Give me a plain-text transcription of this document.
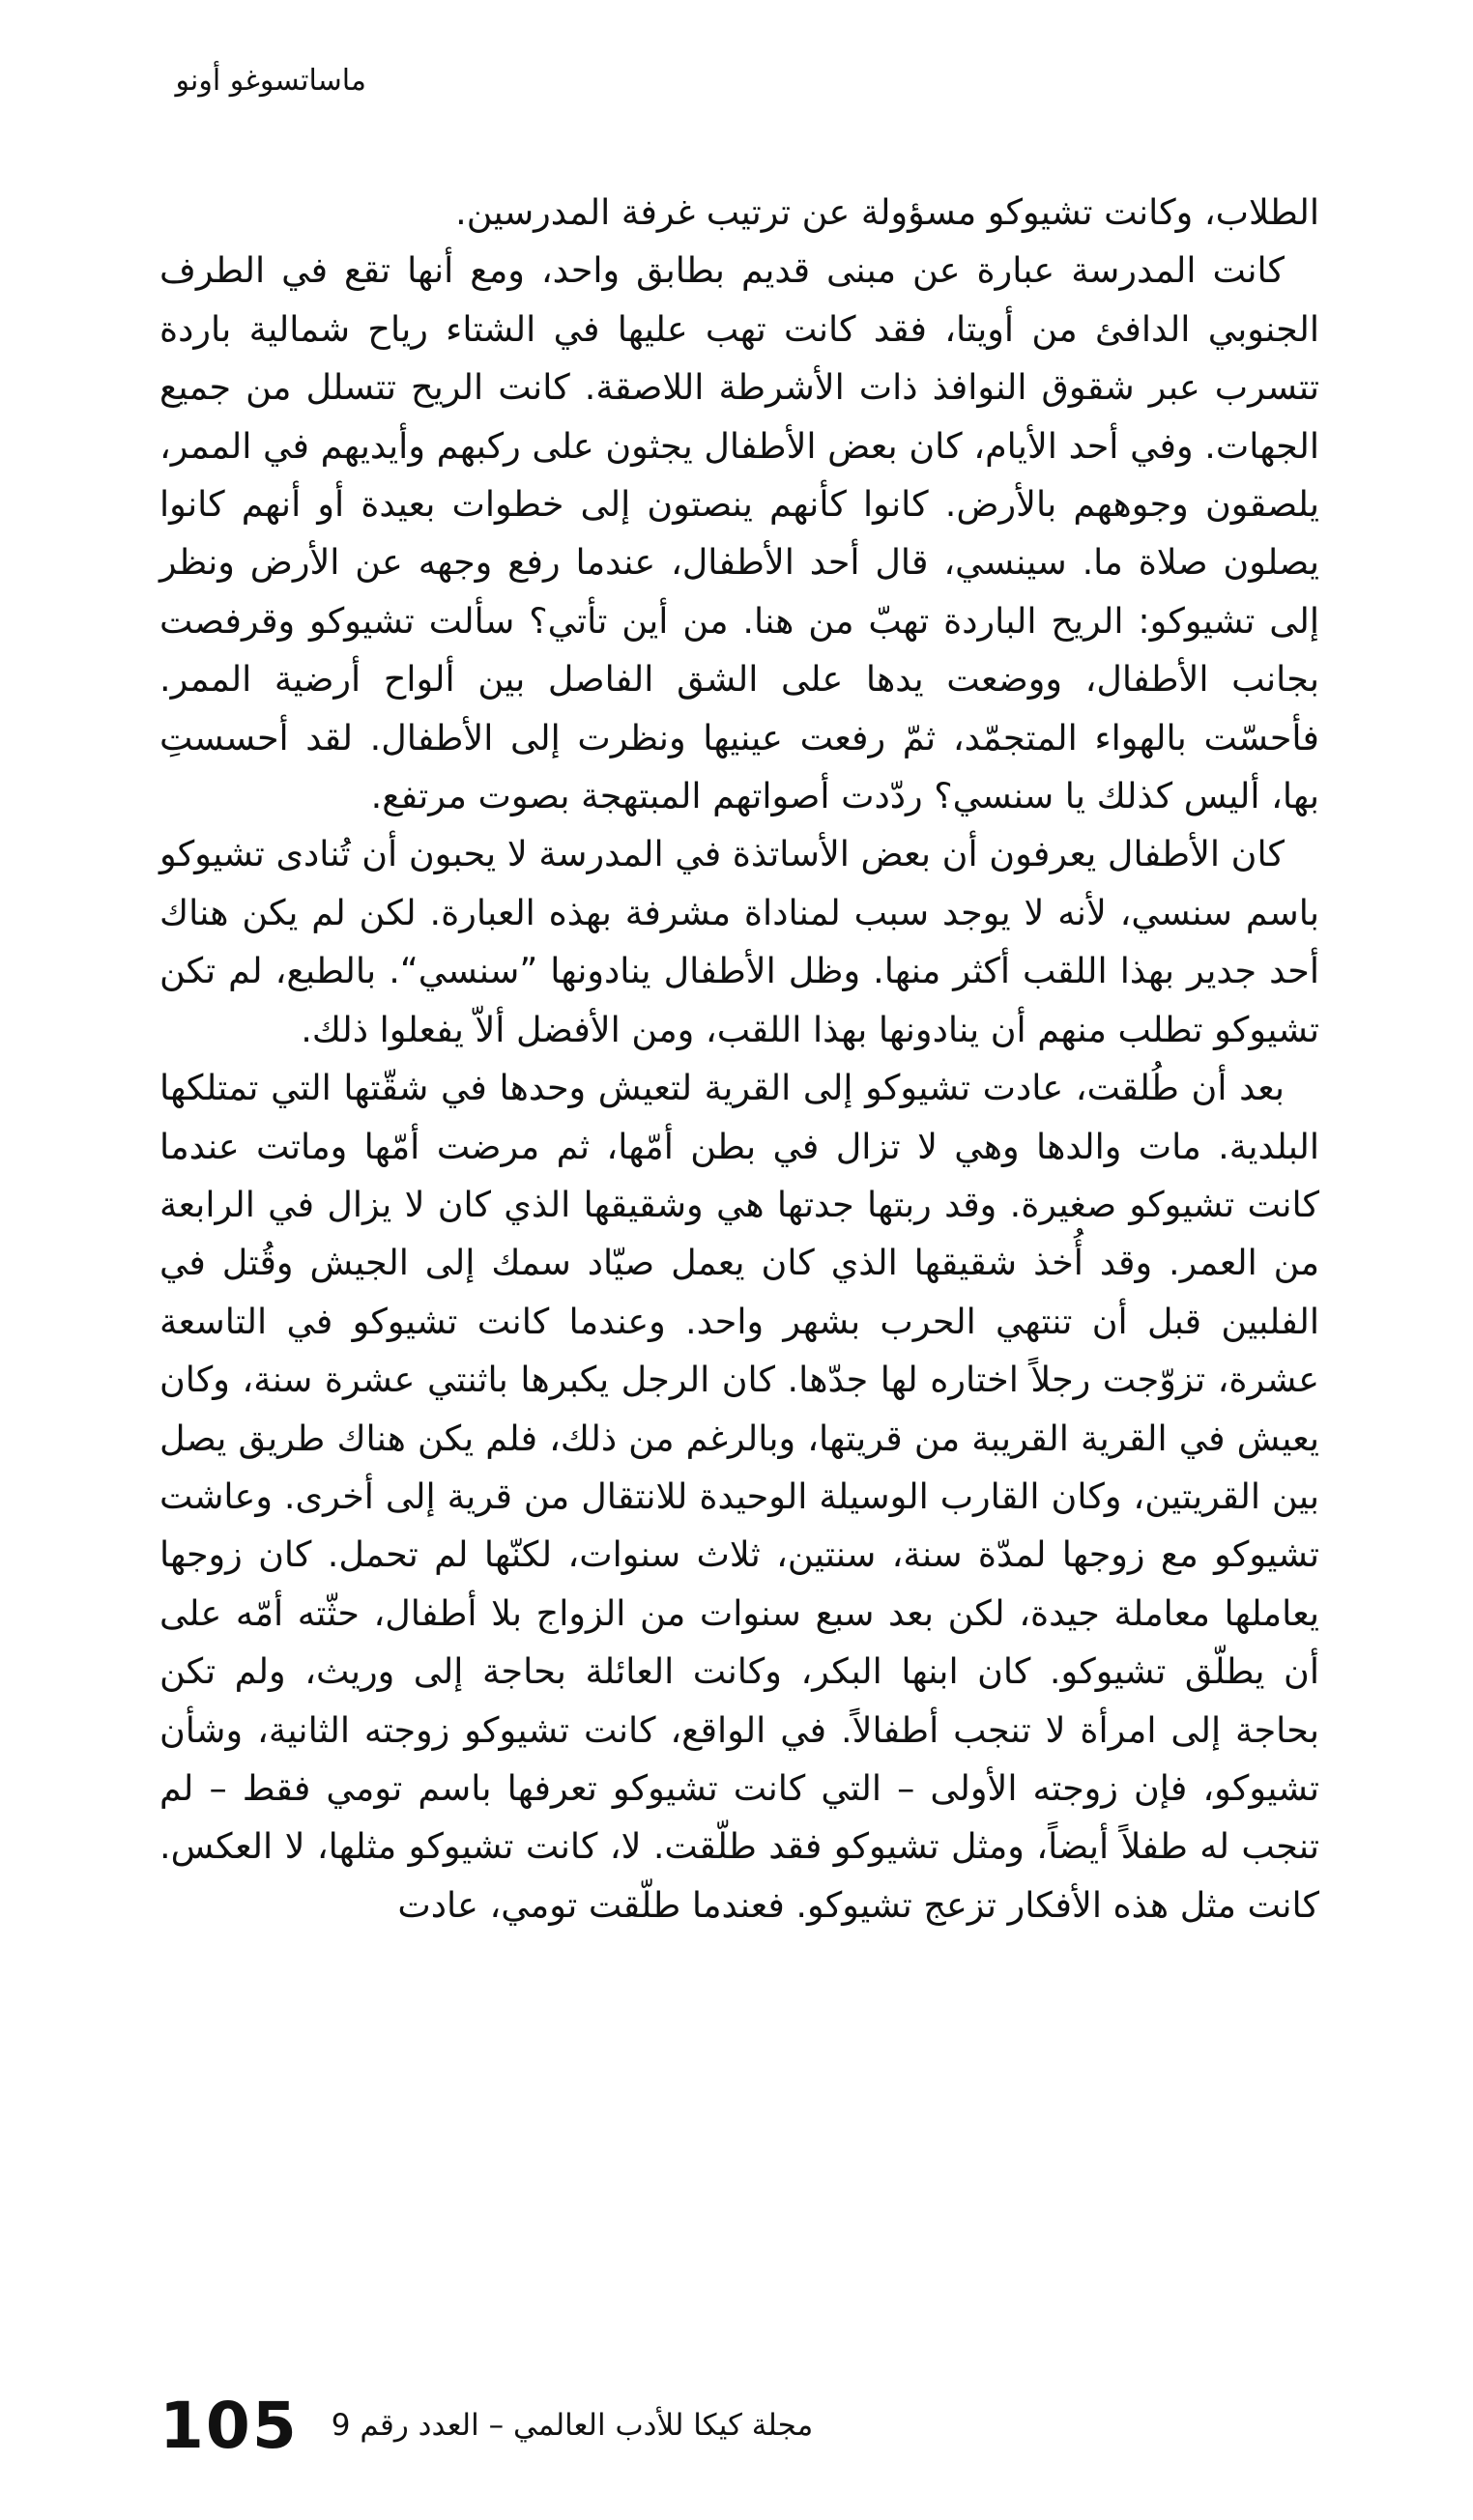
ماساتسوغو أونو

الطلاب، وكانت تشيوكو مسؤولة عن ترتيب غرفة المدرسين.

كانت المدرسة عبارة عن مبنى قديم بطابق واحد، ومع أنها تقع في الطرف الجنوبي الدافئ من أويتا، فقد كانت تهب عليها في الشتاء رياح شمالية باردة تتسرب عبر شقوق النوافذ ذات الأشرطة اللاصقة. كانت الريح تتسلل من جميع الجهات. وفي أحد الأيام، كان بعض الأطفال يجثون على ركبهم وأيديهم في الممر، يلصقون وجوههم بالأرض. كانوا كأنهم ينصتون إلى خطوات بعيدة أو أنهم كانوا يصلون صلاة ما. سينسي، قال أحد الأطفال، عندما رفع وجهه عن الأرض ونظر إلى تشيوكو: الريح الباردة تهبّ من هنا. من أين تأتي؟ سألت تشيوكو وقرفصت بجانب الأطفال، ووضعت يدها على الشق الفاصل بين ألواح أرضية الممر. فأحسّت بالهواء المتجمّد، ثمّ رفعت عينيها ونظرت إلى الأطفال. لقد أحسستِ بها، أليس كذلك يا سنسي؟ ردّدت أصواتهم المبتهجة بصوت مرتفع.

كان الأطفال يعرفون أن بعض الأساتذة في المدرسة لا يحبون أن تُنادى تشيوكو باسم سنسي، لأنه لا يوجد سبب لمناداة مشرفة بهذه العبارة. لكن لم يكن هناك أحد جدير بهذا اللقب أكثر منها. وظل الأطفال ينادونها ”سنسي“. بالطبع، لم تكن تشيوكو تطلب منهم أن ينادونها بهذا اللقب، ومن الأفضل ألاّ يفعلوا ذلك.

بعد أن طُلقت، عادت تشيوكو إلى القرية لتعيش وحدها في شقّتها التي تمتلكها البلدية. مات والدها وهي لا تزال في بطن أمّها، ثم مرضت أمّها وماتت عندما كانت تشيوكو صغيرة. وقد ربتها جدتها هي وشقيقها الذي كان لا يزال في الرابعة من العمر. وقد أُخذ شقيقها الذي كان يعمل صيّاد سمك إلى الجيش وقُتل في الفلبين قبل أن تنتهي الحرب بشهر واحد. وعندما كانت تشيوكو في التاسعة عشرة، تزوّجت رجلاً اختاره لها جدّها. كان الرجل يكبرها باثنتي عشرة سنة، وكان يعيش في القرية القريبة من قريتها، وبالرغم من ذلك، فلم يكن هناك طريق يصل بين القريتين، وكان القارب الوسيلة الوحيدة للانتقال من قرية إلى أخرى. وعاشت تشيوكو مع زوجها لمدّة سنة، سنتين، ثلاث سنوات، لكنّها لم تحمل. كان زوجها يعاملها معاملة جيدة، لكن بعد سبع سنوات من الزواج بلا أطفال، حثّته أمّه على أن يطلّق تشيوكو. كان ابنها البكر، وكانت العائلة بحاجة إلى وريث، ولم تكن بحاجة إلى امرأة لا تنجب أطفالاً. في الواقع، كانت تشيوكو زوجته الثانية، وشأن تشيوكو، فإن زوجته الأولى – التي كانت تشيوكو تعرفها باسم تومي فقط – لم تنجب له طفلاً أيضاً، ومثل تشيوكو فقد طلّقت. لا، كانت تشيوكو مثلها، لا العكس. كانت مثل هذه الأفكار تزعج تشيوكو. فعندما طلّقت تومي، عادت

105 مجلة كيكا للأدب العالمي – العدد رقم 9
